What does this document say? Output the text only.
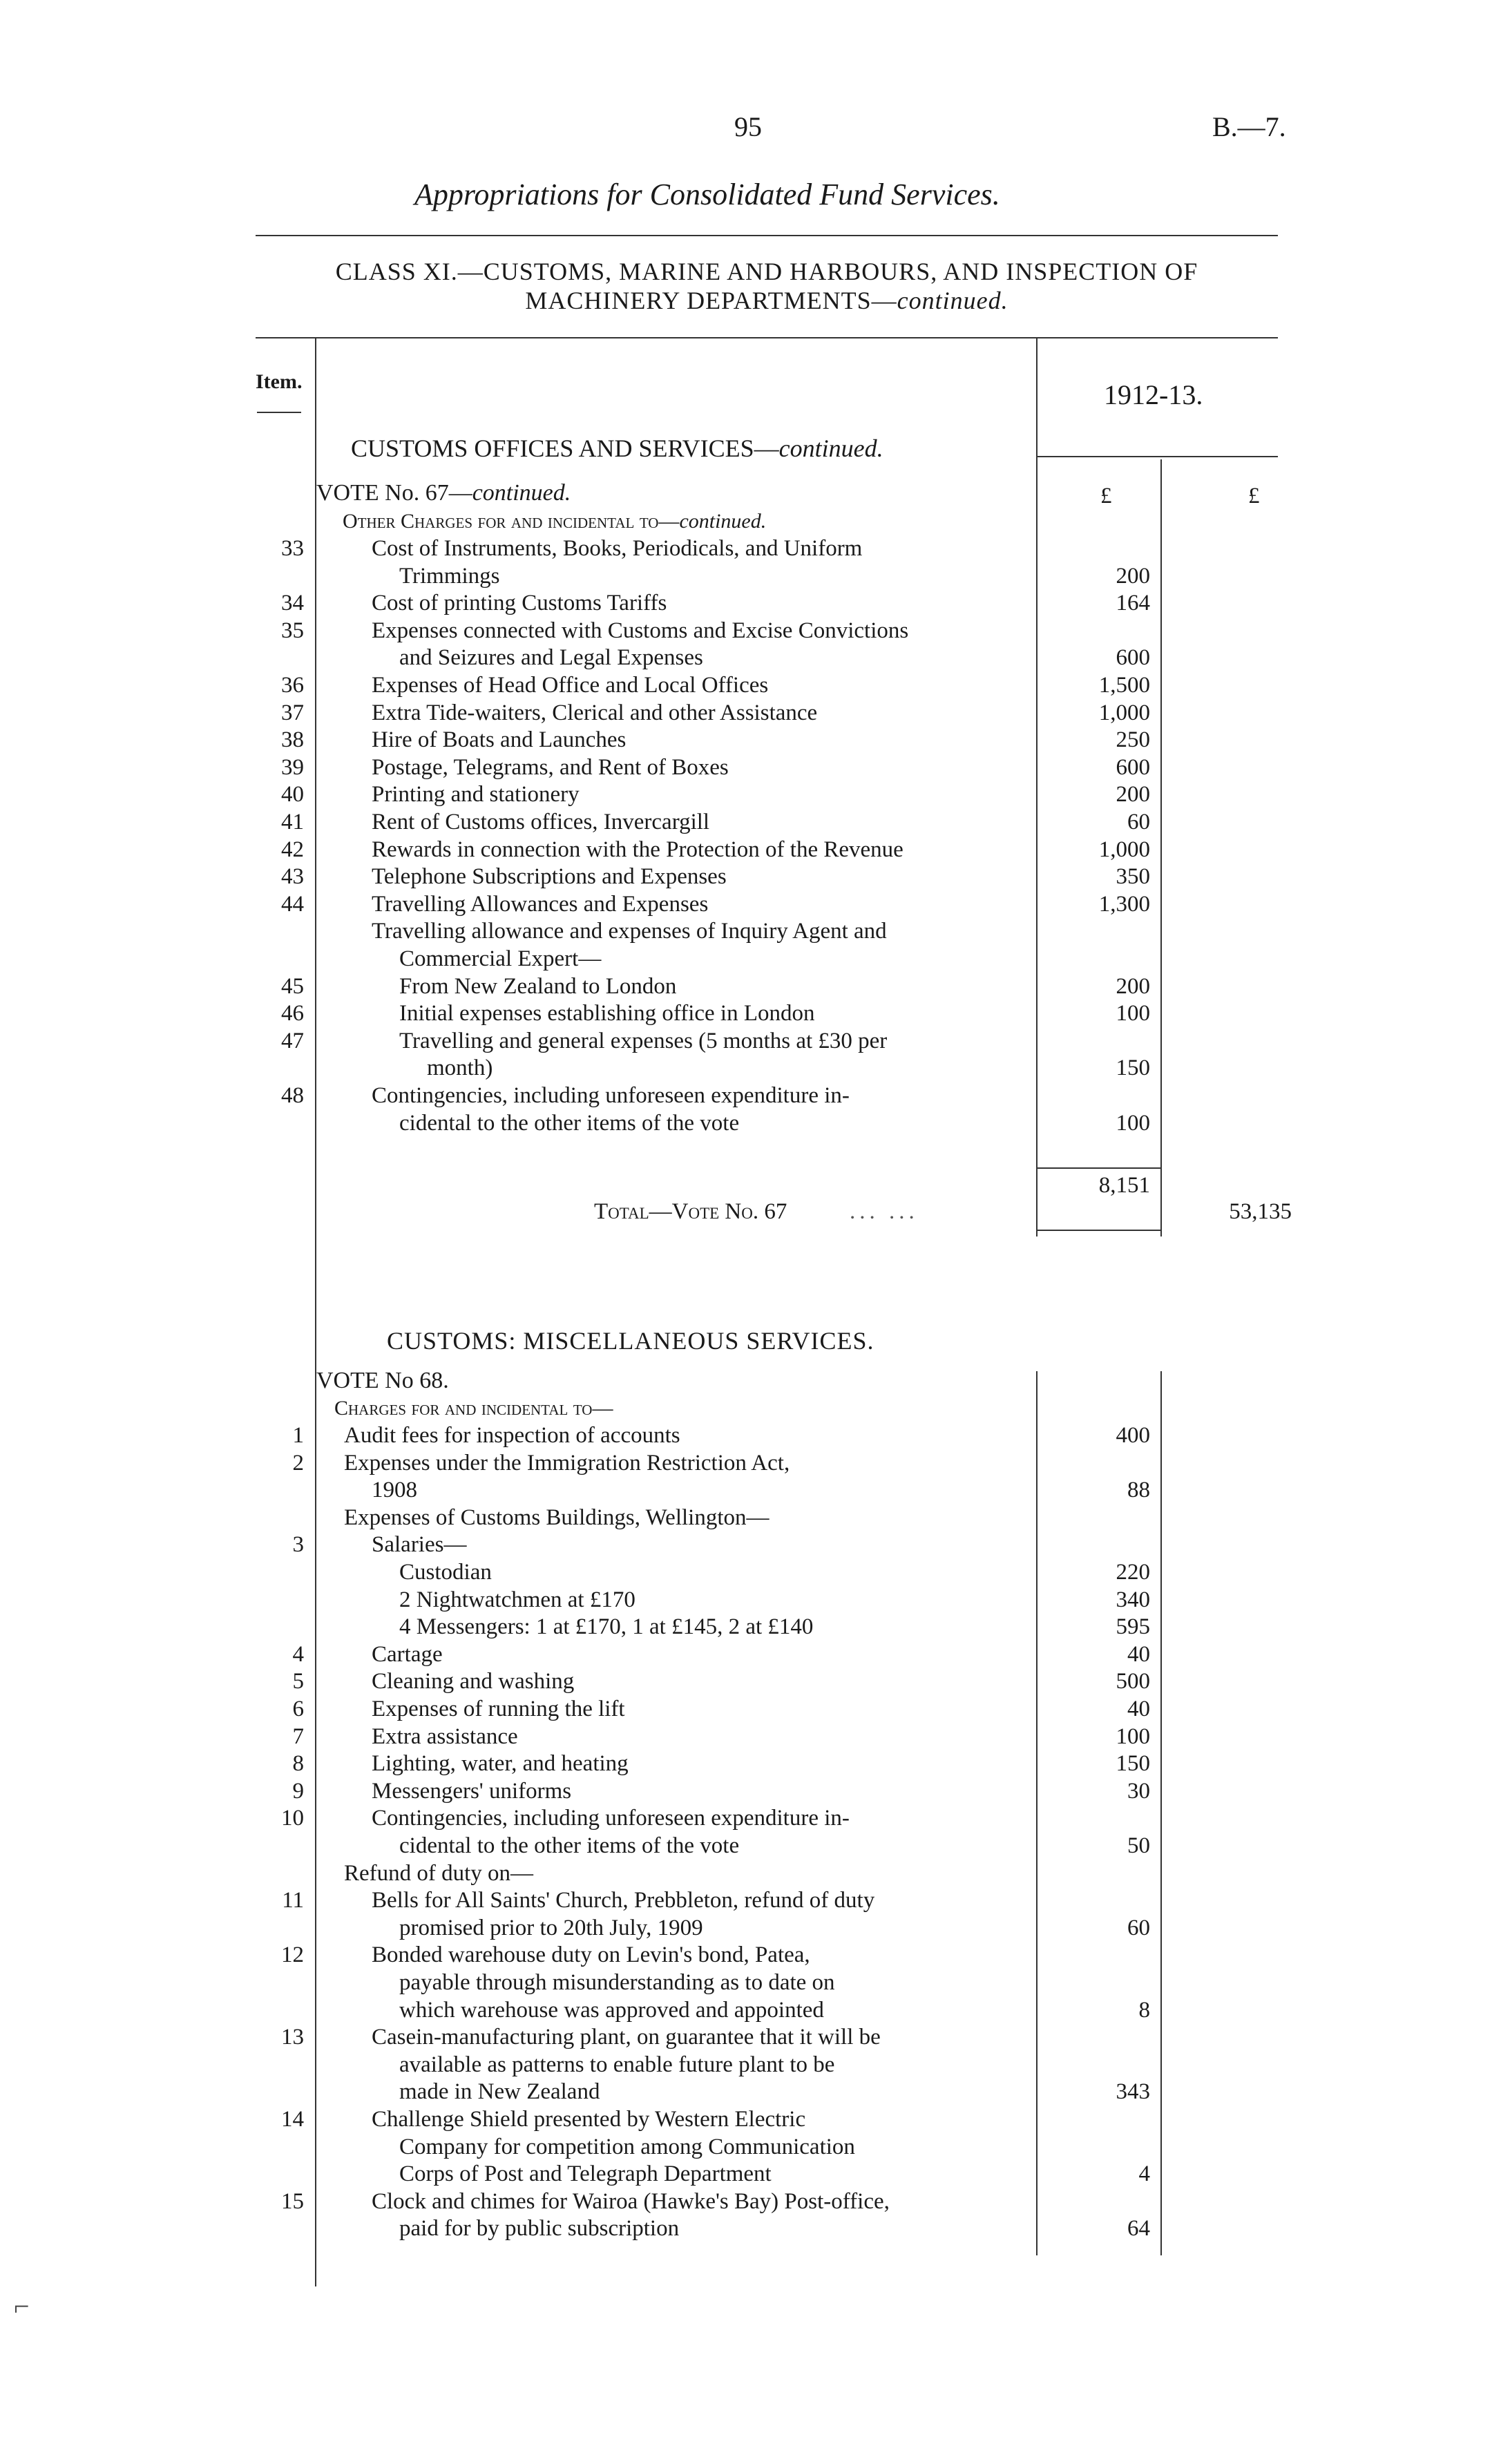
95	B.—7.
Appropriations for Consolidated Fund Services.
CLASS XI.—CUSTOMS, MARINE AND HARBOURS, AND INSPECTION OF
MACHINERY DEPARTMENTS—continued.
Item.	1912-13.
£	£
CUSTOMS OFFICES AND SERVICES—continued.
VOTE No. 67—continued.
Other Charges for and incidental to—continued.
33	Cost of Instruments, Books, Periodicals, and Uniform
Trimmings	200
34	Cost of printing Customs Tariffs	164
35	Expenses connected with Customs and Excise Convictions
and Seizures and Legal Expenses	600
36	Expenses of Head Office and Local Offices	1,500
37	Extra Tide-waiters, Clerical and other Assistance	1,000
38	Hire of Boats and Launches	250
39	Postage, Telegrams, and Rent of Boxes	600
40	Printing and stationery	200
41	Rent of Customs offices, Invercargill	60
42	Rewards in connection with the Protection of the Revenue	1,000
43	Telephone Subscriptions and Expenses	350
44	Travelling Allowances and Expenses	1,300
Travelling allowance and expenses of Inquiry Agent and
Commercial Expert—
45	From New Zealand to London	200
46	Initial expenses establishing office in London	100
47	Travelling and general expenses (5 months at £30 per
month)	150
48	Contingencies, including unforeseen expenditure in-
cidental to the other items of the vote	100
8,151
Total—Vote No. 67	... ...	53,135
CUSTOMS: MISCELLANEOUS SERVICES.
VOTE No 68.
Charges for and incidental to—
1 Audit fees for inspection of accounts	400
2 Expenses under the Immigration Restriction Act,
1908	88
Expenses of Customs Buildings, Wellington—
3	Salaries—
Custodian	220
2 Nightwatchmen at £170	340
4 Messengers: 1 at £170, 1 at £145, 2 at £140	595
4	Cartage	40
5	Cleaning and washing	500
6	Expenses of running the lift	40
7	Extra assistance	100
8	Lighting, water, and heating	150
9	Messengers' uniforms	30
10	Contingencies, including unforeseen expenditure in-
cidental to the other items of the vote	50
Refund of duty on—
11	Bells for All Saints' Church, Prebbleton, refund of duty
promised prior to 20th July, 1909	60
12	Bonded warehouse duty on Levin's bond, Patea,
payable through misunderstanding as to date on
which warehouse was approved and appointed	8
13	Casein-manufacturing plant, on guarantee that it will be
available as patterns to enable future plant to be
made in New Zealand	343
14	Challenge Shield presented by Western Electric
Company for competition among Communication
Corps of Post and Telegraph Department	4
15	Clock and chimes for Wairoa (Hawke's Bay) Post-office,
paid for by public subscription	64
⌐
